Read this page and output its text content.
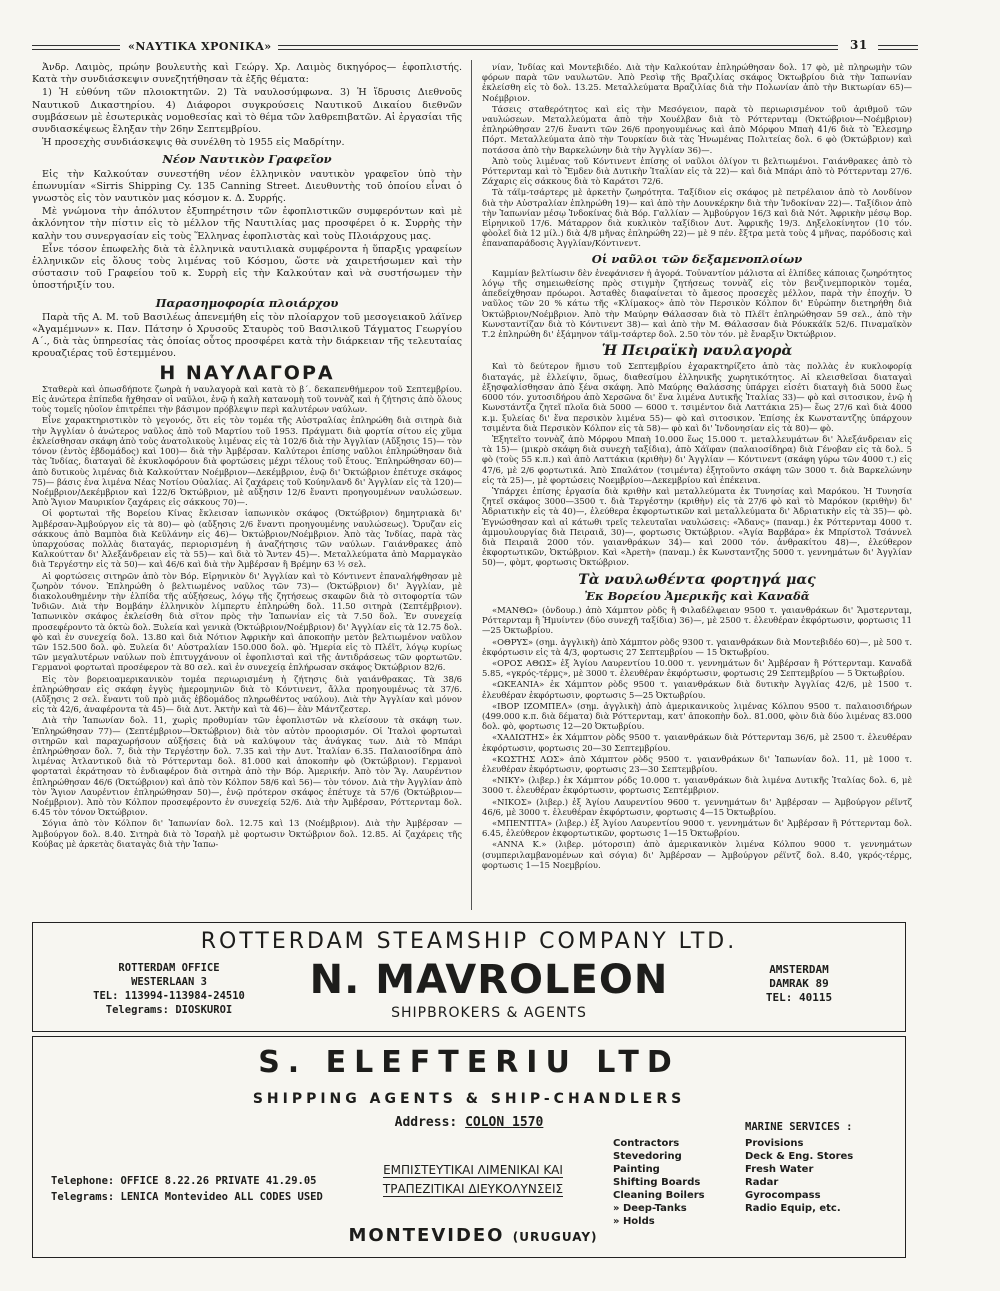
«ΝΑΥΤΙΚΑ ΧΡΟΝΙΚΑ»	31

Ἀνδρ. Λαιμὸς, πρώην βουλευτὴς καὶ Γεώργ. Χρ. Λαιμὸς δικηγόρος— ἐφοπλιστής. Κατὰ τὴν συνδιάσκεψιν συνεζητήθησαν τὰ ἑξῆς θέματα:

1) Ἡ εὐθύνη τῶν πλοιοκτητῶν. 2) Τὰ ναυλοσύμφωνα. 3) Ἡ ἵδρυσις Διεθνοῦς Ναυτικοῦ Δικαστηρίου. 4) Διάφοροι συγκρούσεις Ναυτικοῦ Δικαίου διεθνῶν συμβάσεων μὲ ἐσωτερικὰς νομοθεσίας καὶ τὸ θέμα τῶν λαθρεπιβατῶν. Αἱ ἐργασίαι τῆς συνδιασκέψεως ἔληξαν τὴν 26ην Σεπτεμβρίου.

Ἡ προσεχὴς συνδιάσκεψις θὰ συνέλθη τὸ 1955 εἰς Μαδρίτην.

Νέον Ναυτικὸν Γραφεῖον

Εἰς τὴν Καλκούταν συνεστήθη νέον ἑλληνικὸν ναυτικὸν γραφεῖον ὑπὸ τὴν ἐπωνυμίαν «Sirris Shipping Cy. 135 Canning Street. Διευθυντὴς τοῦ ὁποίου εἶναι ὁ γνωστὸς εἰς τὸν ναυτικὸν μας κόσμον κ. Δ. Συρρής.

Μὲ γνώμονα τὴν ἀπόλυτον ἐξυπηρέτησιν τῶν ἐφοπλιστικῶν συμφερόντων καὶ μὲ ἀκλόνητον τὴν πίστιν εἰς τὸ μέλλον τῆς Ναυτιλίας μας προσφέρει ὁ κ. Συρρὴς τὴν καλὴν του συνεργασίαν εἰς τοὺς Ἕλληνας ἐφοπλιστὰς καὶ τοὺς Πλοιάρχους μας.

Εἶνε τόσον ἐπωφελὴς διὰ τὰ ἑλληνικὰ ναυτιλιακὰ συμφέροντα ἡ ὕπαρξις γραφείων ἑλληνικῶν εἰς ὅλους τοὺς λιμένας τοῦ Κόσμου, ὥστε νὰ χαιρετήσωμεν καὶ τὴν σύστασιν τοῦ Γραφείου τοῦ κ. Συρρὴ εἰς τὴν Καλκούταν καὶ νὰ συστήσωμεν τὴν ὑποστήριξίν του.

Παρασημοφορία πλοιάρχου

Παρὰ τῆς Α. Μ. τοῦ Βασιλέως ἀπενεμήθη εἰς τὸν πλοίαρχον τοῦ μεσογειακοῦ λάϊνερ «Ἀγαμέμνων» κ. Παν. Πάτσην ὁ Χρυσοῦς Σταυρὸς τοῦ Βασιλικοῦ Τάγματος Γεωργίου Α΄., διὰ τὰς ὑπηρεσίας τὰς ὁποίας οὗτος προσφέρει κατὰ τὴν διάρκειαν τῆς τελευταίας κρουαζιέρας τοῦ ἐστεμμένου.

Η ΝΑΥΛΑΓΟΡΑ

Σταθερὰ καὶ ὁπωσδήποτε ζωηρὰ ἡ ναυλαγορὰ καὶ κατὰ τὸ β΄. δεκαπενθήμερον τοῦ Σεπτεμβρίου. Εἰς ἀνώτερα ἐπίπεδα ἤχθησαν οἱ ναῦλοι, ἐνῷ ἡ καλὴ κατανομὴ τοῦ τοννὰζ καὶ ἡ ζήτησις ἀπὸ ὅλους τοὺς τομεῖς ηὐοῖον ἐπιτρέπει τὴν βάσιμον πρόβλεψιν περὶ καλυτέρων ναύλων.

Εἶνε χαρακτηριστικὸν τὸ γεγονός, ὅτι εἰς τὸν τομέα τῆς Αὐστραλίας ἐπληρώθη διὰ σιτηρὰ διὰ τὴν Ἀγγλίαν ὁ ἀνώτερος ναῦλος ἀπὸ τοῦ Μαρτίου τοῦ 1953. Πράγματι διὰ φορτία σίτου εἰς χῦμα ἐκλείσθησαν σκάφη ἀπὸ τοὺς ἀνατολικοὺς λιμένας εἰς τὰ 102/6 διὰ τὴν Ἀγγλίαν (Αὔξησις 15)— τὸν τόνον (ἐντὸς ἑβδομάδος) καὶ 100)— διὰ τὴν Ἀμβέρσαν. Καλύτεροι ἐπίσης ναῦλοι ἐπληρώθησαν διὰ τὰς Ἰνδίας, διαταγαὶ δὲ ἐκυκλοφόρουν διὰ φορτώσεις μέχρι τέλους τοῦ ἔτους. Ἐπληρώθησαν 60)— ἀπὸ δυτικοὺς λιμένας διὰ Καλκούτταν Νοέμβριον—Δεκέμβριον, ἐνῷ δι' Ὀκτώβριον ἐπέτυχε σκάφος 75)— βάσις ἐνα λιμένα Νέας Νοτίου Οὐαλίας. Αἱ ζαχάρεις τοῦ Κούηνλανδ δι' Ἀγγλίαν εἰς τὰ 120)— Νοέμβριον/Δεκέμβριον καὶ 122/6 Ὀκτώβριον, μὲ αὔξησιν 12/6 ἔναντι προηγουμένων ναυλώσεων. Ἀπὸ Ἅγιον Μαυρικίον ζαχάρεις εἰς σάκκους 70)—.

Οἱ φορτωταὶ τῆς Βορείου Κίνας ἔκλεισαν ἰαπωνικὸν σκάφος (Ὀκτώβριον) δημητριακὰ δι' Ἀμβέρσαν-Ἀμβούργον εἰς τὰ 80)— φὸ (αὔξησις 2/6 ἔναντι προηγουμένης ναυλώσεως). Ὄρυζαν εἰς σάκκους ἀπὸ Βαμπὸα διὰ Κεϋλάνην εἰς 46)— Ὀκτώβριον/Νοέμβριον. Ἀπὸ τὰς Ἰνδίας, παρὰ τὰς ὑπαρχούσας πολλὰς διαταγάς, περιορισμένη ἡ ἀναζήτησις τῶν ναύλων. Γαιάνθρακες ἀπὸ Καλκούτταν δι' Ἀλεξάνδρειαν εἰς τὰ 55)— καὶ διὰ τὸ Ἄντεν 45)—. Μεταλλεύματα ἀπὸ Μαρμαγκὰο διὰ Τεργέστην εἰς τὰ 50)— καὶ 46/6 καὶ διὰ τὴν Ἀμβέρσαν ἢ Βρέμην 63 ½ σελ.

Αἱ φορτώσεις σιτηρῶν ἀπὸ τὸν Βόρ. Εἰρηνικὸν δι' Ἀγγλίαν καὶ τὸ Κόντινεντ ἐπαναλήφθησαν μὲ ζωηρὸν τόνον. Ἐπληρώθη ὁ βελτιωμένος ναῦλος τῶν 73)— (Ὀκτώβριον) δι' Ἀγγλίαν, μὲ διακολουθημένην τὴν ἐλπίδα τῆς αὐξήσεως, λόγῳ τῆς ζητήσεως σκαφῶν διὰ τὸ σιτοφορτία τῶν Ἰνδιῶν. Διὰ τὴν Βομβάην ἑλληνικὸν λίμπερτυ ἐπληρώθη δολ. 11.50 σιτηρὰ (Σεπτέμβριον). Ἰαπωνικὸν σκάφος ἐκλείσθη διὰ σῖτον πρὸς τὴν Ἰαπωνίαν εἰς τὰ 7.50 δολ. Ἐν συνεχείᾳ προσεφέροντο τὰ ὀκτὼ δολ. Ξυλεία καὶ γενικὰ (Ὀκτώβριον/Νοέμβριον) δι' Ἀγγλίαν εἰς τὰ 12.75 δολ. φὸ καὶ ἐν συνεχείᾳ δολ. 13.80 καὶ διὰ Νότιον Ἀφρικὴν καὶ ἀποκοπὴν μετὸν βελτιωμένον ναῦλον τῶν 152.500 δολ. φὸ. Ξυλεία δι' Αὐστραλίαν 150.000 δολ. φὸ. Ἡμερία εἰς τὸ Πλέϊτ, λόγῳ κυρίως τῶν μεγαλυτέρων ναύλων ποὺ ἐπιτυγχάνουν οἱ ἐφοπλισταὶ καὶ τῆς ἀντιδράσεως τῶν φορτωτῶν. Γερμανοὶ φορτωταὶ προσέφερον τὰ 80 σελ. καὶ ἐν συνεχείᾳ ἐπλήρωσαν σκάφος Ὀκτώβριον 82/6.

Εἰς τὸν βορειοαμερικανικὸν τομέα περιωρισμένη ἡ ζήτησις διὰ γαιάνθρακας. Τὰ 38/6 ἐπληρώθησαν εἰς σκάφη ἐγγὺς ἡμερομηνιῶν διὰ τὸ Κόντινεντ, ἄλλα προηγουμένως τὰ 37/6. (Αὔξησις 2 σελ. ἔναντι τοῦ πρὸ μιᾶς ἑβδομάδος πληρωθέντος ναύλου). Διὰ τὴν Ἀγγλίαν καὶ μόνον εἰς τὰ 42/6, ἀναφέροντα τὰ 45)— διὰ Δυτ. Ἀκτὴν καὶ τὰ 46)— ἐὰν Μάντζεστερ.

Διὰ τὴν Ἰαπωνίαν δολ. 11, χωρὶς προθυμίαν τῶν ἐφοπλιστῶν νὰ κλείσουν τὰ σκάφη των. Ἐπληρώθησαν 77)— (Σεπτέμβριον—Ὀκτώβριον) διὰ τὸν αὐτὸν προορισμόν. Οἱ Ἰταλοὶ φορτωταὶ σιτηρῶν καὶ παραχωρήσουν αὐξήσεις διὰ νὰ καλύψουν τὰς ἀνάγκας των. Διὰ τὸ Μπάρι ἐπληρώθησαν δολ. 7, διὰ τὴν Τεργέστην δολ. 7.35 καὶ τὴν Δυτ. Ἰταλίαν 6.35. Παλαιοσίδηρα ἀπὸ λιμένας Ἀτλαντικοῦ διὰ τὸ Ρόττερνταμ δολ. 81.000 καὶ ἀποκοπὴν φὸ (Ὀκτώβριον). Γερμανοὶ φορταταὶ ἐκράτησαν τὸ ἐνδιαφέρον διὰ σιτηρὰ ἀπὸ τὴν Βόρ. Ἀμερικήν. Ἀπὸ τὸν Ἅγ. Λαυρέντιον ἐπληρώθησαν 46/6 (Ὀκτώβριον) καὶ ἀπὸ τὸν Κόλπον 58/6 καὶ 56)— τὸν τόνον. Διὰ τὴν Ἀγγλίαν ἀπὸ τὸν Ἅγιον Λαυρέντιον ἐπληρώθησαν 50)—, ἐνῷ πρότερον σκάφος ἐπέτυχε τὰ 57/6 (Ὀκτώβριον—Νοέμβριον). Ἀπὸ τὸν Κόλπον προσεφέροντο ἐν συνεχείᾳ 52/6. Διὰ τὴν Ἀμβέρσαν, Ρόττερνταμ δολ. 6.45 τὸν τόνον Ὀκτώβριον.

Σόγια ἀπὸ τὸν Κόλπον δι' Ἰαπωνίαν δολ. 12.75 καὶ 13 (Νοέμβριον). Διὰ τὴν Ἀμβέρσαν — Ἀμβούργον δολ. 8.40. Σιτηρὰ διὰ τὸ Ἰσραὴλ μὲ φορτωσιν Ὀκτώβριον δολ. 12.85. Αἱ ζαχάρεις τῆς Κούβας μὲ ἀρκετὰς διαταγὰς διὰ τὴν Ἰαπω-

νίαν, Ἰνδίας καὶ Μοντεβιδέο. Διὰ τὴν Καλκούταν ἐπληρώθησαν δολ. 17 φὸ, μὲ πληρωμὴν τῶν φόρων παρὰ τῶν ναυλωτῶν. Ἀπὸ Ρεσὶφ τῆς Βραζιλίας σκάφος Ὀκτωβρίου διὰ τὴν Ἰαπωνίαν ἐκλείσθη εἰς τὸ δολ. 13.25. Μεταλλεύματα Βραζιλίας διὰ τὴν Πολωνίαν ἀπὸ τὴν Βικτωρίαν 65)— Νοέμβριον.

Τάσεις σταθερότητος καὶ εἰς τὴν Μεσόγειον, παρὰ τὸ περιωρισμένον τοῦ ἀριθμοῦ τῶν ναυλώσεων. Μεταλλεύματα ἀπὸ τὴν Χουέλβαν διὰ τὸ Ρόττερνταμ (Ὀκτώβριον—Νοέμβριον) ἐπληρώθησαν 27/6 ἔναντι τῶν 26/6 προηγουμένως καὶ ἀπὸ Μόρφου Μπαὴ 41/6 διὰ τὸ Ἔλεσμηρ Πόρτ. Μεταλλεύματα ἀπὸ τὴν Τουρκίαν διὰ τὰς Ἡνωμένας Πολιτείας δολ. 6 φὸ (Ὀκτώβριον) καὶ ποτάσσα ἀπὸ τὴν Βαρκελώνην διὰ τὴν Ἀγγλίαν 36)—.

Ἀπὸ τοὺς λιμένας τοῦ Κόντινεντ ἐπίσης οἱ ναῦλοι ὀλίγον τι βελτιωμένοι. Γαιάνθρακες ἀπὸ τὸ Ρόττερνταμ καὶ τὸ Ἔμδεν διὰ Δυτικὴν Ἰταλίαν εἰς τὰ 22)— καὶ διὰ Μπάρι ἀπὸ τὸ Ρόττερνταμ 27/6. Ζάχαρις εἰς σάκκους διὰ τὸ Καράτσι 72/6.

Τὰ τάϊμ-τσάρτερς μὲ ἀρκετὴν ζωηρότητα. Ταξίδιον εἰς σκάφος μὲ πετρέλαιον ἀπὸ τὸ Λονδίνον διὰ τὴν Αὐστραλίαν ἐπληρώθη 19)— καὶ ἀπὸ τὴν Δουνκέρκην διὰ τὴν Ἰνδοκίναν 22)—. Ταξίδιον ἀπὸ τὴν Ἰαπωνίαν μέσῳ Ἰνδοκίνας διὰ Βόρ. Γαλλίαν — Ἀμβούργον 16/3 καὶ διὰ Νότ. Ἀφρικὴν μέσῳ Βορ. Εἰρηνικοῦ 17/6. Μάταρρον διὰ κυκλικὸν ταξίδιον Δυτ. Ἀφρικῆς 19/3. Δηξελοκίνητον (10 τόν. φὸολεῖ διὰ 12 μίλ.) διὰ 4/8 μῆνας ἐπληρώθη 22)— μὲ 9 πέν. ἔξτρα μετὰ τοὺς 4 μῆνας, παρόδοσις καὶ ἐπαναπαράδοσις Ἀγγλίαν/Κόντινεντ.

Οἱ ναῦλοι τῶν δεξαμενοπλοίων

Καμμίαν βελτίωσιν δὲν ἐνεφάνισεν ἡ ἀγορά. Τοὐναντίον μάλιστα αἱ ἐλπίδες κάποιας ζωηρότητος λόγῳ τῆς σημειωθείσης πρὸς στιγμὴν ζητήσεως τοννὰζ εἰς τὸν βενζινεμπορικὸν τομέα, ἀπεδείχθησαν πρόωροι. Ἀσταθὲς διαφαίνεται τὸ ἄμεσος προσεχὲς μέλλον, παρὰ τὴν ἐποχήν. Ὁ ναῦλος τῶν 20 % κάτω τῆς «Κλίμακος» ἀπὸ τὸν Περσικὸν Κόλπον δι' Εὐρώπην διετηρήθη διὰ Ὀκτώβριον/Νοέμβριον. Ἀπὸ τὴν Μαύρην Θάλασσαν διὰ τὸ Πλέϊτ ἐπληρώθησαν 59 σελ., ἀπὸ τὴν Κωνσταντίζαν διὰ τὸ Κόντινεντ 38)— καὶ ἀπὸ τὴν Μ. Θάλασσαν διὰ Ρόυκκάϊκ 52/6. Πιναμαϊκὸν Τ.2 ἐπληρώθη δι' ἐξάμηνον τάϊμ-τσάρτερ δολ. 2.50 τὸν τόν. μὲ ἔναρξιν Ὀκτώβριον.

Ἡ Πειραϊκὴ ναυλαγορὰ

Καὶ τὸ δεύτερον ἥμισυ τοῦ Σεπτεμβρίου ἐχαρακτηρίζετο ἀπὸ τὰς πολλὰς ἐν κυκλοφορίᾳ διαταγάς, μὲ ἐλλείψιν, ὅμως, διαθεσίμου ἑλληνικῆς χωρητικότητος. Αἱ κλεισθεῖσαι διαταγαὶ ἐξησφαλίσθησαν ἀπὸ ξένα σκάφη. Ἀπὸ Μαύρης Θαλάσσης ὑπάρχει εἰσέτι διαταγὴ διὰ 5000 ἕως 6000 τόν. χυτοσιδήρου ἀπὸ Χερσῶνα δι' ἕνα λιμένα Δυτικῆς Ἰταλίας 33)— φὸ καὶ σιτοσικον, ἐνῷ ἡ Κωνστάντζα ζητεῖ πλοῖα διὰ 5000 — 6000 τ. τσιμέντον διὰ Λαττάκια 25)— ἕως 27/6 καὶ διὰ 4000 κ.μ. ξυλείας δι' ἕνα περσικὸν λιμένα 55)— φὸ καὶ σιτοσικον. Ἐπίσης ἐκ Κωνσταντζης ὑπάρχουν τσιμέντα διὰ Περσικὸν Κόλπον εἰς τὰ 58)— φὸ καὶ δι' Ἰνδονησίαν εἰς τὰ 80)— φὸ.

Ἐξητεῖτο τοννὰζ ἀπὸ Μόρφου Μπαὴ 10.000 ἕως 15.000 τ. μεταλλευμάτων δι' Ἀλεξάνδρειαν εἰς τὰ 15)— (μικρὸ σκάφη διὰ συνεχὴ ταξίδια), ἀπὸ Χάϊφαν (παλαιοσίδηρα) διὰ Γένοβαν εἰς τὰ δολ. 5 φὸ (τοὺς 55 κ.π.) καὶ ἀπὸ Λαττάκια (κριθὴν) δι' Ἀγγλίαν — Κόντινεντ (σκάφη γύρω τῶν 4000 τ.) εἰς 47/6, μὲ 2/6 φορτωτικά. Ἀπὸ Σπαλάτον (τσιμέντα) ἐξητοῦντο σκάφη τῶν 3000 τ. διὰ Βαρκελώνην εἰς τὰ 25)—, μὲ φορτώσεις Νοεμβρίου—Δεκεμβρίου καὶ ἐπέκεινα.

Ὑπάρχει ἐπίσης ἐργασία διὰ κριθὴν καὶ μεταλλεύματα ἐκ Τυνησίας καὶ Μαρόκου. Ἡ Τυνησία ζητεῖ σκάφος 3000—3500 τ. διὰ Τεργέστην (κριθὴν) εἰς τὰ 27/6 φὸ καὶ τὸ Μαρόκον (κριθὴν) δι' Ἀδριατικὴν εἰς τὰ 40)—, ἐλεύθερα ἐκφορτωτικῶν καὶ μεταλλεύματα δι' Ἀδριατικὴν εἰς τὰ 35)— φὸ. Ἐγνώσθησαν καὶ αἱ κάτωθι τρεῖς τελευταῖαι ναυλώσεις: «Ἄδανς» (παναμ.) ἐκ Ρόττερνταμ 4000 τ. ἀμμουλουργίας διὰ Πειραιᾶ, 30)—, φορτωσις Ὀκτώβριον. «Ἁγία Βαρβάρα» ἐκ Μπρίστολ Τσάννελ διὰ Πειραιᾶ 2000 τόν. γαιανθράκων 34)— καὶ 2000 τόν. ἀνθρακίτου 48)—, ἐλεύθερον ἐκφορτωτικῶν, Ὀκτώβριον. Καὶ «Ἀρετὴ» (παναμ.) ἐκ Κωνσταντζης 5000 τ. γεννημάτων δι' Ἀγγλίαν 50)—, φὸμτ, φορτωσις Ὀκτώβριον.

Τὰ ναυλωθέντα φορτηγά μας
Ἐκ Βορείου Ἀμερικῆς καὶ Καναδᾶ

«ΜΑΝΘΩ» (ὀνδουρ.) ἀπὸ Χάμπτον ρὸδς ἢ Φιλαδέλφειαν 9500 τ. γαιανθράκων δι' Ἄμστερνταμ, Ρόττερνταμ ἢ Ἡμυίντεν (δύο συνεχῆ ταξίδια) 36)—, μὲ 2500 τ. ἐλευθέραν ἐκφόρτωσιν, φορτωσις 11—25 Ὀκτωβρίου.

«ΟΘΡΥΣ» (σημ. ἀγγλικὴ) ἀπὸ Χάμπτον ρὸδς 9300 τ. γαιανθράκων διὰ Μοντεβιδέο 60)—, μὲ 500 τ. ἐκφόρτωσιν εἰς τὰ 4/3, φορτωσις 27 Σεπτεμβρίου — 15 Ὀκτωβρίου.

«ΟΡΟΣ ΑΘΩΣ» ἐξ Ἁγίου Λαυρεντίου 10.000 τ. γεννημάτων δι' Ἀμβέρσαν ἢ Ρόττερνταμ. Καναδᾶ 5.85, «γκρός-τέρμς», μὲ 3000 τ. ἐλευθέραν ἐκφόρτωσιν, φορτωσις 29 Σεπτεμβρίου — 5 Ὀκτωβρίου.

«ΩΚΕΑΝΙΑ» ἐκ Χάμπτον ρὸδς 9500 τ. γαιανθράκων διὰ δυτικὴν Ἀγγλίας 42/6, μὲ 1500 τ. ἐλευθέραν ἐκφόρτωσιν, φορτωσις 5—25 Ὀκτωβρίου.

«ΙΒΟΡ ΙΖΟΜΠΕΛ» (σημ. ἀγγλικὴ) ἀπὸ ἀμερικανικοὺς λιμένας Κόλπου 9500 τ. παλαιοσιδήρων (499.000 κ.π. διὰ δέματα) διὰ Ρόττερνταμ, κατ' ἀποκοπὴν δολ. 81.000, φὸιν διὰ δύο λιμένας 83.000 δολ. φὸ, φορτωσις 12—20 Ὀκτωβρίου.

«ΧΑΔΙΩΤΗΣ» ἐκ Χάμπτον ρὸδς 9500 τ. γαιανθράκων διὰ Ρόττερνταμ 36/6, μὲ 2500 τ. ἐλευθέραν ἐκφόρτωσιν, φορτωσις 20—30 Σεπτεμβρίου.

«ΚΩΣΤΗΣ ΛΩΣ» ἀπὸ Χάμπτον ρὸδς 9500 τ. γαιανθράκων δι' Ἰαπωνίαν δολ. 11, μὲ 1000 τ. ἐλευθέραν ἐκφόρτωσιν, φορτωσις 23—30 Σεπτεμβρίου.

«ΝΙΚΥ» (λιβερ.) ἐκ Χάμπτον ρόδς 10.000 τ. γαιανθράκων διὰ λιμένα Δυτικῆς Ἰταλίας δολ. 6, μὲ 3000 τ. ἐλευθέραν ἐκφόρτωσιν, φορτωσις Σεπτέμβριον.

«ΝΙΚΟΣ» (λιβερ.) ἐξ Ἁγίου Λαυρεντίου 9600 τ. γεννημάτων δι' Ἀμβέρσαν — Ἀμβούργον ρέϊντζ 46/6, μὲ 3000 τ. ἐλευθέραν ἐκφόρτωσιν, φορτωσις 4—15 Ὀκτωβρίου.

«ΜΠΕΝΤΙΤΑ» (λιβερ.) ἐξ Ἁγίου Λαυρεντίου 9000 τ. γεννημάτων δι' Ἀμβέρσαν ἢ Ρόττερνταμ δολ. 6.45, ἐλεύθερον ἐκφορτωτικῶν, φορτωσις 1—15 Ὀκτωβρίου.

«ΑΝΝΑ Κ.» (λιβερ. μότορσιπ) ἀπὸ ἀμερικανικὸν λιμένα Κόλπου 9000 τ. γεννημάτων (συμπεριλαμβανομένων καὶ σόγια) δι' Ἀμβέρσαν — Ἀμβούργον ρέϊντζ δολ. 8.40, γκρός-τέρμς, φορτωσις 1—15 Νοεμβρίου.

ROTTERDAM STEAMSHIP COMPANY LTD.
ROTTERDAM OFFICE
WESTERLAAN 3
TEL: 113994-113984-24510
Telegrams: DIOSKUROI
N. MAVROLEON
SHIPBROKERS & AGENTS
AMSTERDAM
DAMRAK 89
TEL: 40115
S. ELEFTERIU LTD
SHIPPING AGENTS & SHIP-CHANDLERS
Address: COLON 1570
Telephone: OFFICE 8.22.26 PRIVATE 41.29.05
Telegrams: LENICA Montevideo ALL CODES USED
ΕΜΠΙΣΤΕΥΤΙΚΑΙ ΛΙΜΕΝΙΚΑΙ ΚΑΙ
ΤΡΑΠΕΖΙΤΙΚΑΙ ΔΙΕΥΚΟΛΥΝΣΕΙΣ
MONTEVIDEO (URUGUAY)
MARINE SERVICES :
Contractors
Stevedoring
Painting
Shifting Boards
Cleaning Boilers
» Deep-Tanks
» Holds
Provisions
Deck & Eng. Stores
Fresh Water
Radar
Gyrocompass
Radio Equip, etc.
